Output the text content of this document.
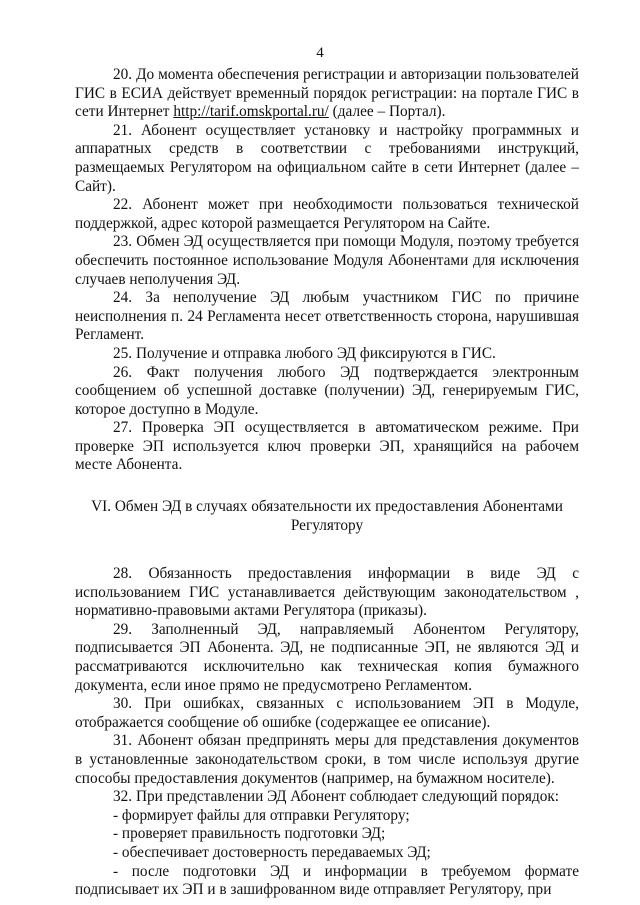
4

20. До момента обеспечения регистрации и авторизации пользователей ГИС в ЕСИА действует временный порядок регистрации: на портале ГИС в сети Интернет http://tarif.omskportal.ru/ (далее – Портал).

21. Абонент осуществляет установку и настройку программных и аппаратных средств в соответствии с требованиями инструкций, размещаемых Регулятором на официальном сайте в сети Интернет (далее – Сайт).

22. Абонент может при необходимости пользоваться технической поддержкой, адрес которой размещается Регулятором на Сайте.

23. Обмен ЭД осуществляется при помощи Модуля, поэтому требуется обеспечить постоянное использование Модуля Абонентами для исключения случаев неполучения ЭД.

24. За неполучение ЭД любым участником ГИС по причине неисполнения п. 24 Регламента несет ответственность сторона, нарушившая Регламент.

25. Получение и отправка любого ЭД фиксируются в ГИС.

26. Факт получения любого ЭД подтверждается электронным сообщением об успешной доставке (получении) ЭД, генерируемым ГИС, которое доступно в Модуле.

27. Проверка ЭП осуществляется в автоматическом режиме. При проверке ЭП используется ключ проверки ЭП, хранящийся на рабочем месте Абонента.

VI. Обмен ЭД в случаях обязательности их предоставления Абонентами Регулятору

28. Обязанность предоставления информации в виде ЭД с использованием ГИС устанавливается действующим законодательством , нормативно-правовыми актами Регулятора (приказы).

29. Заполненный ЭД, направляемый Абонентом Регулятору, подписывается ЭП Абонента. ЭД, не подписанные ЭП, не являются ЭД и рассматриваются исключительно как техническая копия бумажного документа, если иное прямо не предусмотрено Регламентом.

30. При ошибках, связанных с использованием ЭП в Модуле, отображается сообщение об ошибке (содержащее ее описание).

31. Абонент обязан предпринять меры для представления документов в установленные законодательством сроки, в том числе используя другие способы предоставления документов (например, на бумажном носителе).

32. При представлении ЭД Абонент соблюдает следующий порядок:

- формирует файлы для отправки Регулятору;

- проверяет правильность подготовки ЭД;

- обеспечивает достоверность передаваемых ЭД;

- после подготовки ЭД и информации в требуемом формате подписывает их ЭП и в зашифрованном виде отправляет Регулятору, при
